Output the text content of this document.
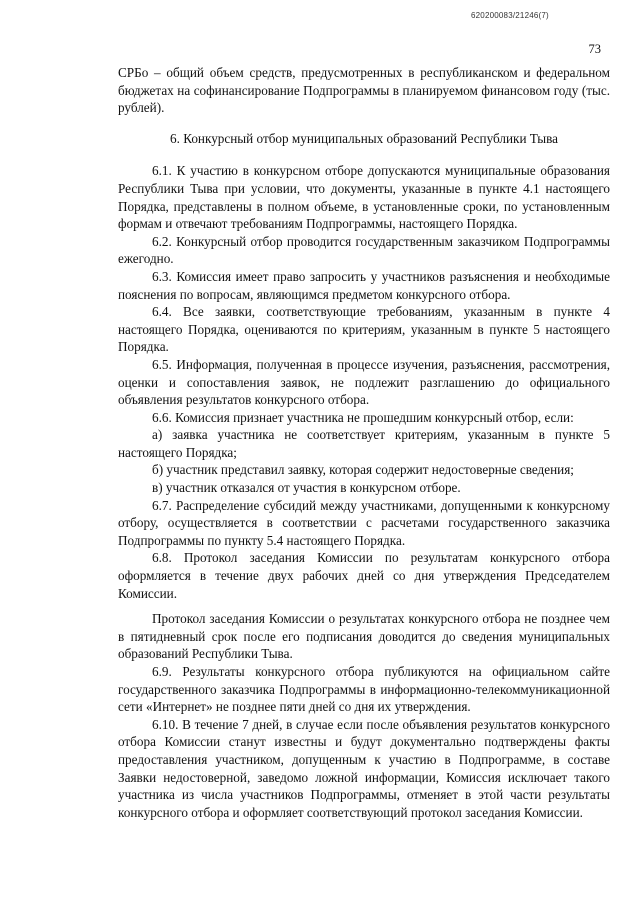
620200083/21246(7)
73

СРБо – общий объем средств, предусмотренных в республиканском и федеральном бюджетах на софинансирование Подпрограммы в планируемом финансовом году (тыс. рублей).

6. Конкурсный отбор муниципальных образований Республики Тыва

6.1. К участию в конкурсном отборе допускаются муниципальные образования Республики Тыва при условии, что документы, указанные в пункте 4.1 настоящего Порядка, представлены в полном объеме, в установленные сроки, по установленным формам и отвечают требованиям Подпрограммы, настоящего Порядка.

6.2. Конкурсный отбор проводится государственным заказчиком Подпрограммы ежегодно.

6.3. Комиссия имеет право запросить у участников разъяснения и необходимые пояснения по вопросам, являющимся предметом конкурсного отбора.

6.4. Все заявки, соответствующие требованиям, указанным в пункте 4 настоящего Порядка, оцениваются по критериям, указанным в пункте 5 настоящего Порядка.

6.5. Информация, полученная в процессе изучения, разъяснения, рассмотрения, оценки и сопоставления заявок, не подлежит разглашению до официального объявления результатов конкурсного отбора.

6.6. Комиссия признает участника не прошедшим конкурсный отбор, если:

а) заявка участника не соответствует критериям, указанным в пункте 5 настоящего Порядка;

б) участник представил заявку, которая содержит недостоверные сведения;

в) участник отказался от участия в конкурсном отборе.

6.7. Распределение субсидий между участниками, допущенными к конкурсному отбору, осуществляется в соответствии с расчетами государственного заказчика Подпрограммы по пункту 5.4 настоящего Порядка.

6.8. Протокол заседания Комиссии по результатам конкурсного отбора оформляется в течение двух рабочих дней со дня утверждения Председателем Комиссии.

Протокол заседания Комиссии о результатах конкурсного отбора не позднее чем в пятидневный срок после его подписания доводится до сведения муниципальных образований Республики Тыва.

6.9. Результаты конкурсного отбора публикуются на официальном сайте государственного заказчика Подпрограммы в информационно-телекоммуникационной сети «Интернет» не позднее пяти дней со дня их утверждения.

6.10. В течение 7 дней, в случае если после объявления результатов конкурсного отбора Комиссии станут известны и будут документально подтверждены факты предоставления участником, допущенным к участию в Подпрограмме, в составе Заявки недостоверной, заведомо ложной информации, Комиссия исключает такого участника из числа участников Подпрограммы, отменяет в этой части результаты конкурсного отбора и оформляет соответствующий протокол заседания Комиссии.
